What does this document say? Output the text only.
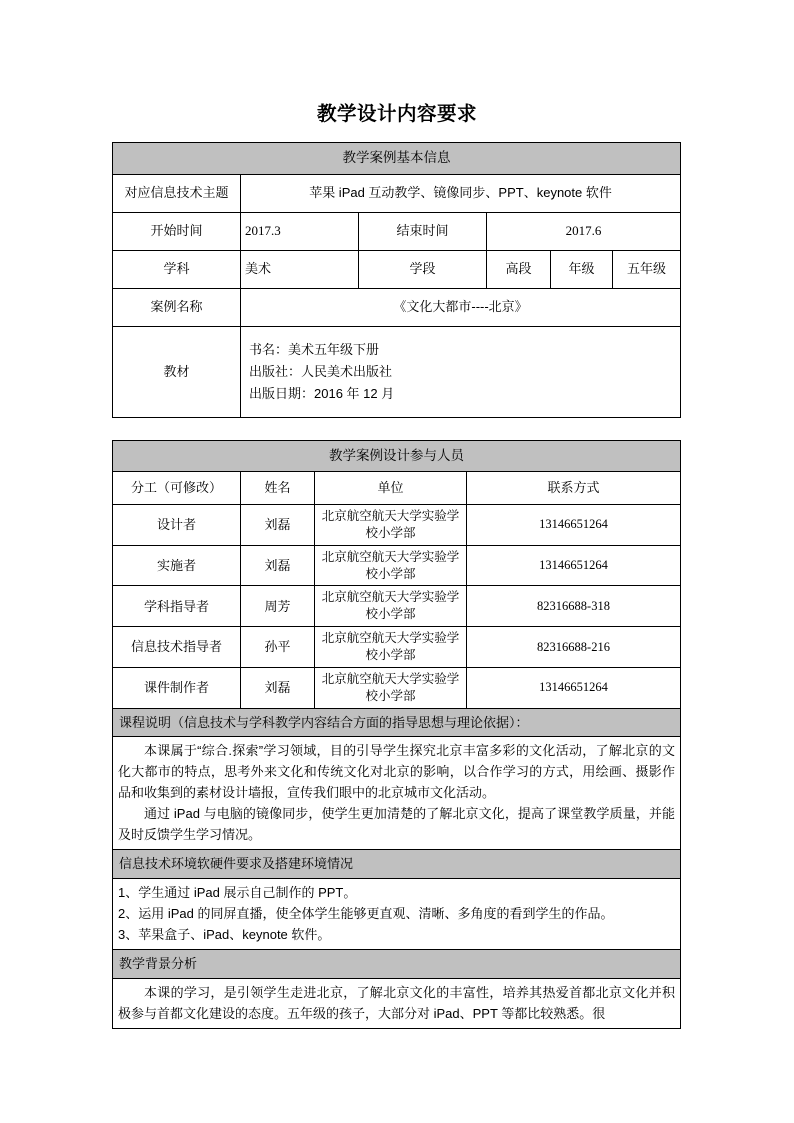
教学设计内容要求
教学案例基本信息					
对应信息技术主题	苹果 iPad 互动教学、镜像同步、PPT、keynote 软件				
开始时间	2017.3	结束时间	2017.6		
学科	美术	学段	高段	年级	五年级
案例名称	《文化大都市----北京》				
教材	书名：美术五年级下册
出版社：人民美术出版社
出版日期：2016 年 12 月				
教学案例设计参与人员			
分工（可修改）	姓名	单位	联系方式
设计者	刘磊	北京航空航天大学实验学校小学部	13146651264
实施者	刘磊	北京航空航天大学实验学校小学部	13146651264
学科指导者	周芳	北京航空航天大学实验学校小学部	82316688-318
信息技术指导者	孙平	北京航空航天大学实验学校小学部	82316688-216
课件制作者	刘磊	北京航空航天大学实验学校小学部	13146651264
课程说明（信息技术与学科教学内容结合方面的指导思想与理论依据）：			

本课属于“综合.探索”学习领域，目的引导学生探究北京丰富多彩的文化活动，了解北京的文化大都市的特点，思考外来文化和传统文化对北京的影响，以合作学习的方式，用绘画、摄影作品和收集到的素材设计墙报，宣传我们眼中的北京城市文化活动。

通过 iPad 与电脑的镜像同步，使学生更加清楚的了解北京文化，提高了课堂教学质量，并能及时反馈学生学习情况。			

信息技术环境软硬件要求及搭建环境情况			

1、学生通过 iPad 展示自己制作的 PPT。

2、运用 iPad 的同屏直播，使全体学生能够更直观、清晰、多角度的看到学生的作品。

3、苹果盒子、iPad、keynote 软件。			

教学背景分析			

本课的学习，是引领学生走进北京，了解北京文化的丰富性，培养其热爱首都北京文化并积极参与首都文化建设的态度。五年级的孩子，大部分对 iPad、PPT 等都比较熟悉。很			
